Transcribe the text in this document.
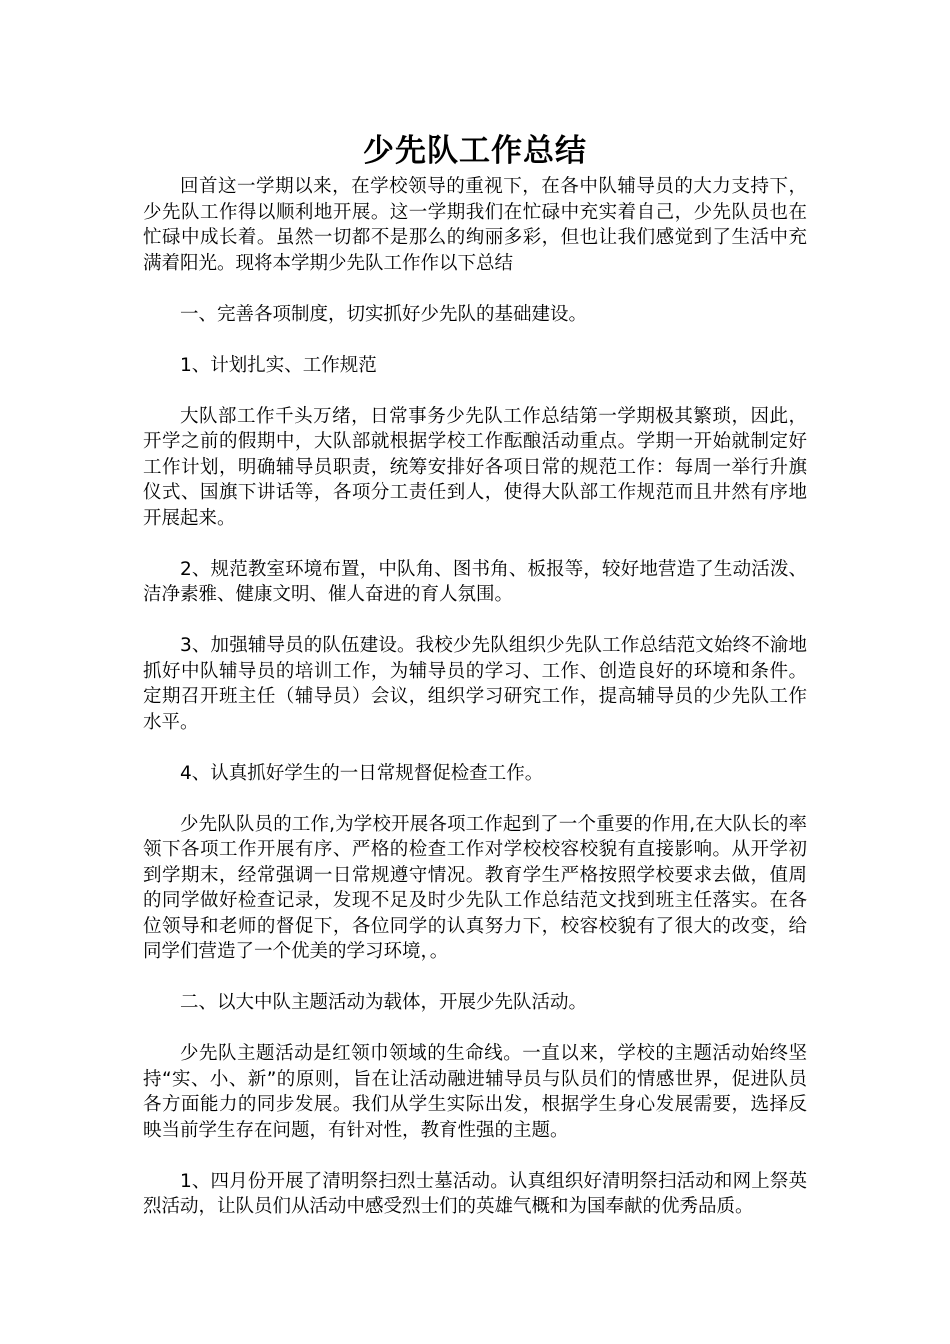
少先队工作总结

回首这一学期以来，在学校领导的重视下，在各中队辅导员的大力支持下，少先队工作得以顺利地开展。这一学期我们在忙碌中充实着自己，少先队员也在忙碌中成长着。虽然一切都不是那么的绚丽多彩，但也让我们感觉到了生活中充满着阳光。现将本学期少先队工作作以下总结

一、完善各项制度，切实抓好少先队的基础建设。

1、计划扎实、工作规范

大队部工作千头万绪，日常事务少先队工作总结第一学期极其繁琐，因此，开学之前的假期中，大队部就根据学校工作酝酿活动重点。学期一开始就制定好工作计划，明确辅导员职责，统筹安排好各项日常的规范工作：每周一举行升旗仪式、国旗下讲话等，各项分工责任到人，使得大队部工作规范而且井然有序地开展起来。

2、规范教室环境布置，中队角、图书角、板报等，较好地营造了生动活泼、洁净素雅、健康文明、催人奋进的育人氛围。

3、加强辅导员的队伍建设。我校少先队组织少先队工作总结范文始终不渝地抓好中队辅导员的培训工作，为辅导员的学习、工作、创造良好的环境和条件。定期召开班主任（辅导员）会议，组织学习研究工作，提高辅导员的少先队工作水平。

4、认真抓好学生的一日常规督促检查工作。

少先队队员的工作,为学校开展各项工作起到了一个重要的作用,在大队长的率领下各项工作开展有序、严格的检查工作对学校校容校貌有直接影响。从开学初到学期末，经常强调一日常规遵守情况。教育学生严格按照学校要求去做，值周的同学做好检查记录，发现不足及时少先队工作总结范文找到班主任落实。在各位领导和老师的督促下，各位同学的认真努力下，校容校貌有了很大的改变，给同学们营造了一个优美的学习环境，。

二、以大中队主题活动为载体，开展少先队活动。

少先队主题活动是红领巾领域的生命线。一直以来，学校的主题活动始终坚持“实、小、新”的原则，旨在让活动融进辅导员与队员们的情感世界，促进队员各方面能力的同步发展。我们从学生实际出发，根据学生身心发展需要，选择反映当前学生存在问题，有针对性，教育性强的主题。

1、四月份开展了清明祭扫烈士墓活动。认真组织好清明祭扫活动和网上祭英烈活动，让队员们从活动中感受烈士们的英雄气概和为国奉献的优秀品质。
